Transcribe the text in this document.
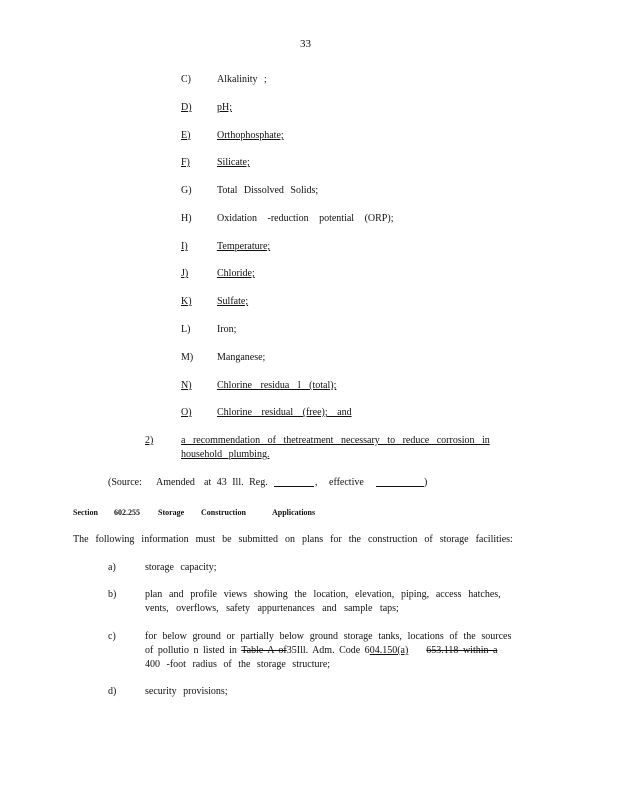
33
C)	Alkalinity ;
D)	pH;
E)	Orthophosphate;
F)	Silicate;
G)	Total Dissolved Solids;
H)	Oxidation -reduction potential (ORP);
I)	Temperature;
J)	Chloride;
K)	Sulfate;
L)	Iron;
M) Manganese;
N)	Chlorine residua l (total);
O)	Chlorine residual (free); and
2)	a recommendation of thetreatment necessary to reduce corrosion in
household plumbing.
(Source: Amended at 43 Ill. Reg.	, effective	)
Section 602.255 Storage Construction	Applications
The following information must be submitted on plans for the construction of storage facilities:
a)	storage capacity;
b)	plan and profile views showing the location, elevation, piping, access hatches,
vents, overflows, safety appurtenances and sample taps;
c)	for below ground or partially below ground storage tanks, locations of the sources
of pollutio n listed in Table A of35Ill. Adm. Code 604.150(a) 653.118 within a
400 -foot radius of the storage structure;
d)	security provisions;
